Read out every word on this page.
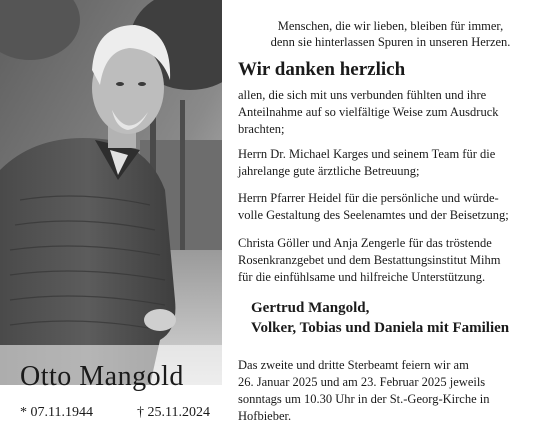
Otto Mangold
* 07.11.1944	† 25.11.2024
Menschen, die wir lieben, bleiben für immer,
denn sie hinterlassen Spuren in unseren Herzen.
Wir danken herzlich
allen, die sich mit uns verbunden fühlten und ihre
Anteilnahme auf so vielfältige Weise zum Ausdruck
brachten;
Herrn Dr. Michael Karges und seinem Team für die
jahrelange gute ärztliche Betreuung;
Herrn Pfarrer Heidel für die persönliche und würde-
volle Gestaltung des Seelenamtes und der Beisetzung;
Christa Göller und Anja Zengerle für das tröstende
Rosenkranzgebet und dem Bestattungsinstitut Mihm
für die einfühlsame und hilfreiche Unterstützung.
Gertrud Mangold,
Volker, Tobias und Daniela mit Familien
Das zweite und dritte Sterbeamt feiern wir am
26. Januar 2025 und am 23. Februar 2025 jeweils
sonntags um 10.30 Uhr in der St.-Georg-Kirche in
Hofbieber.
